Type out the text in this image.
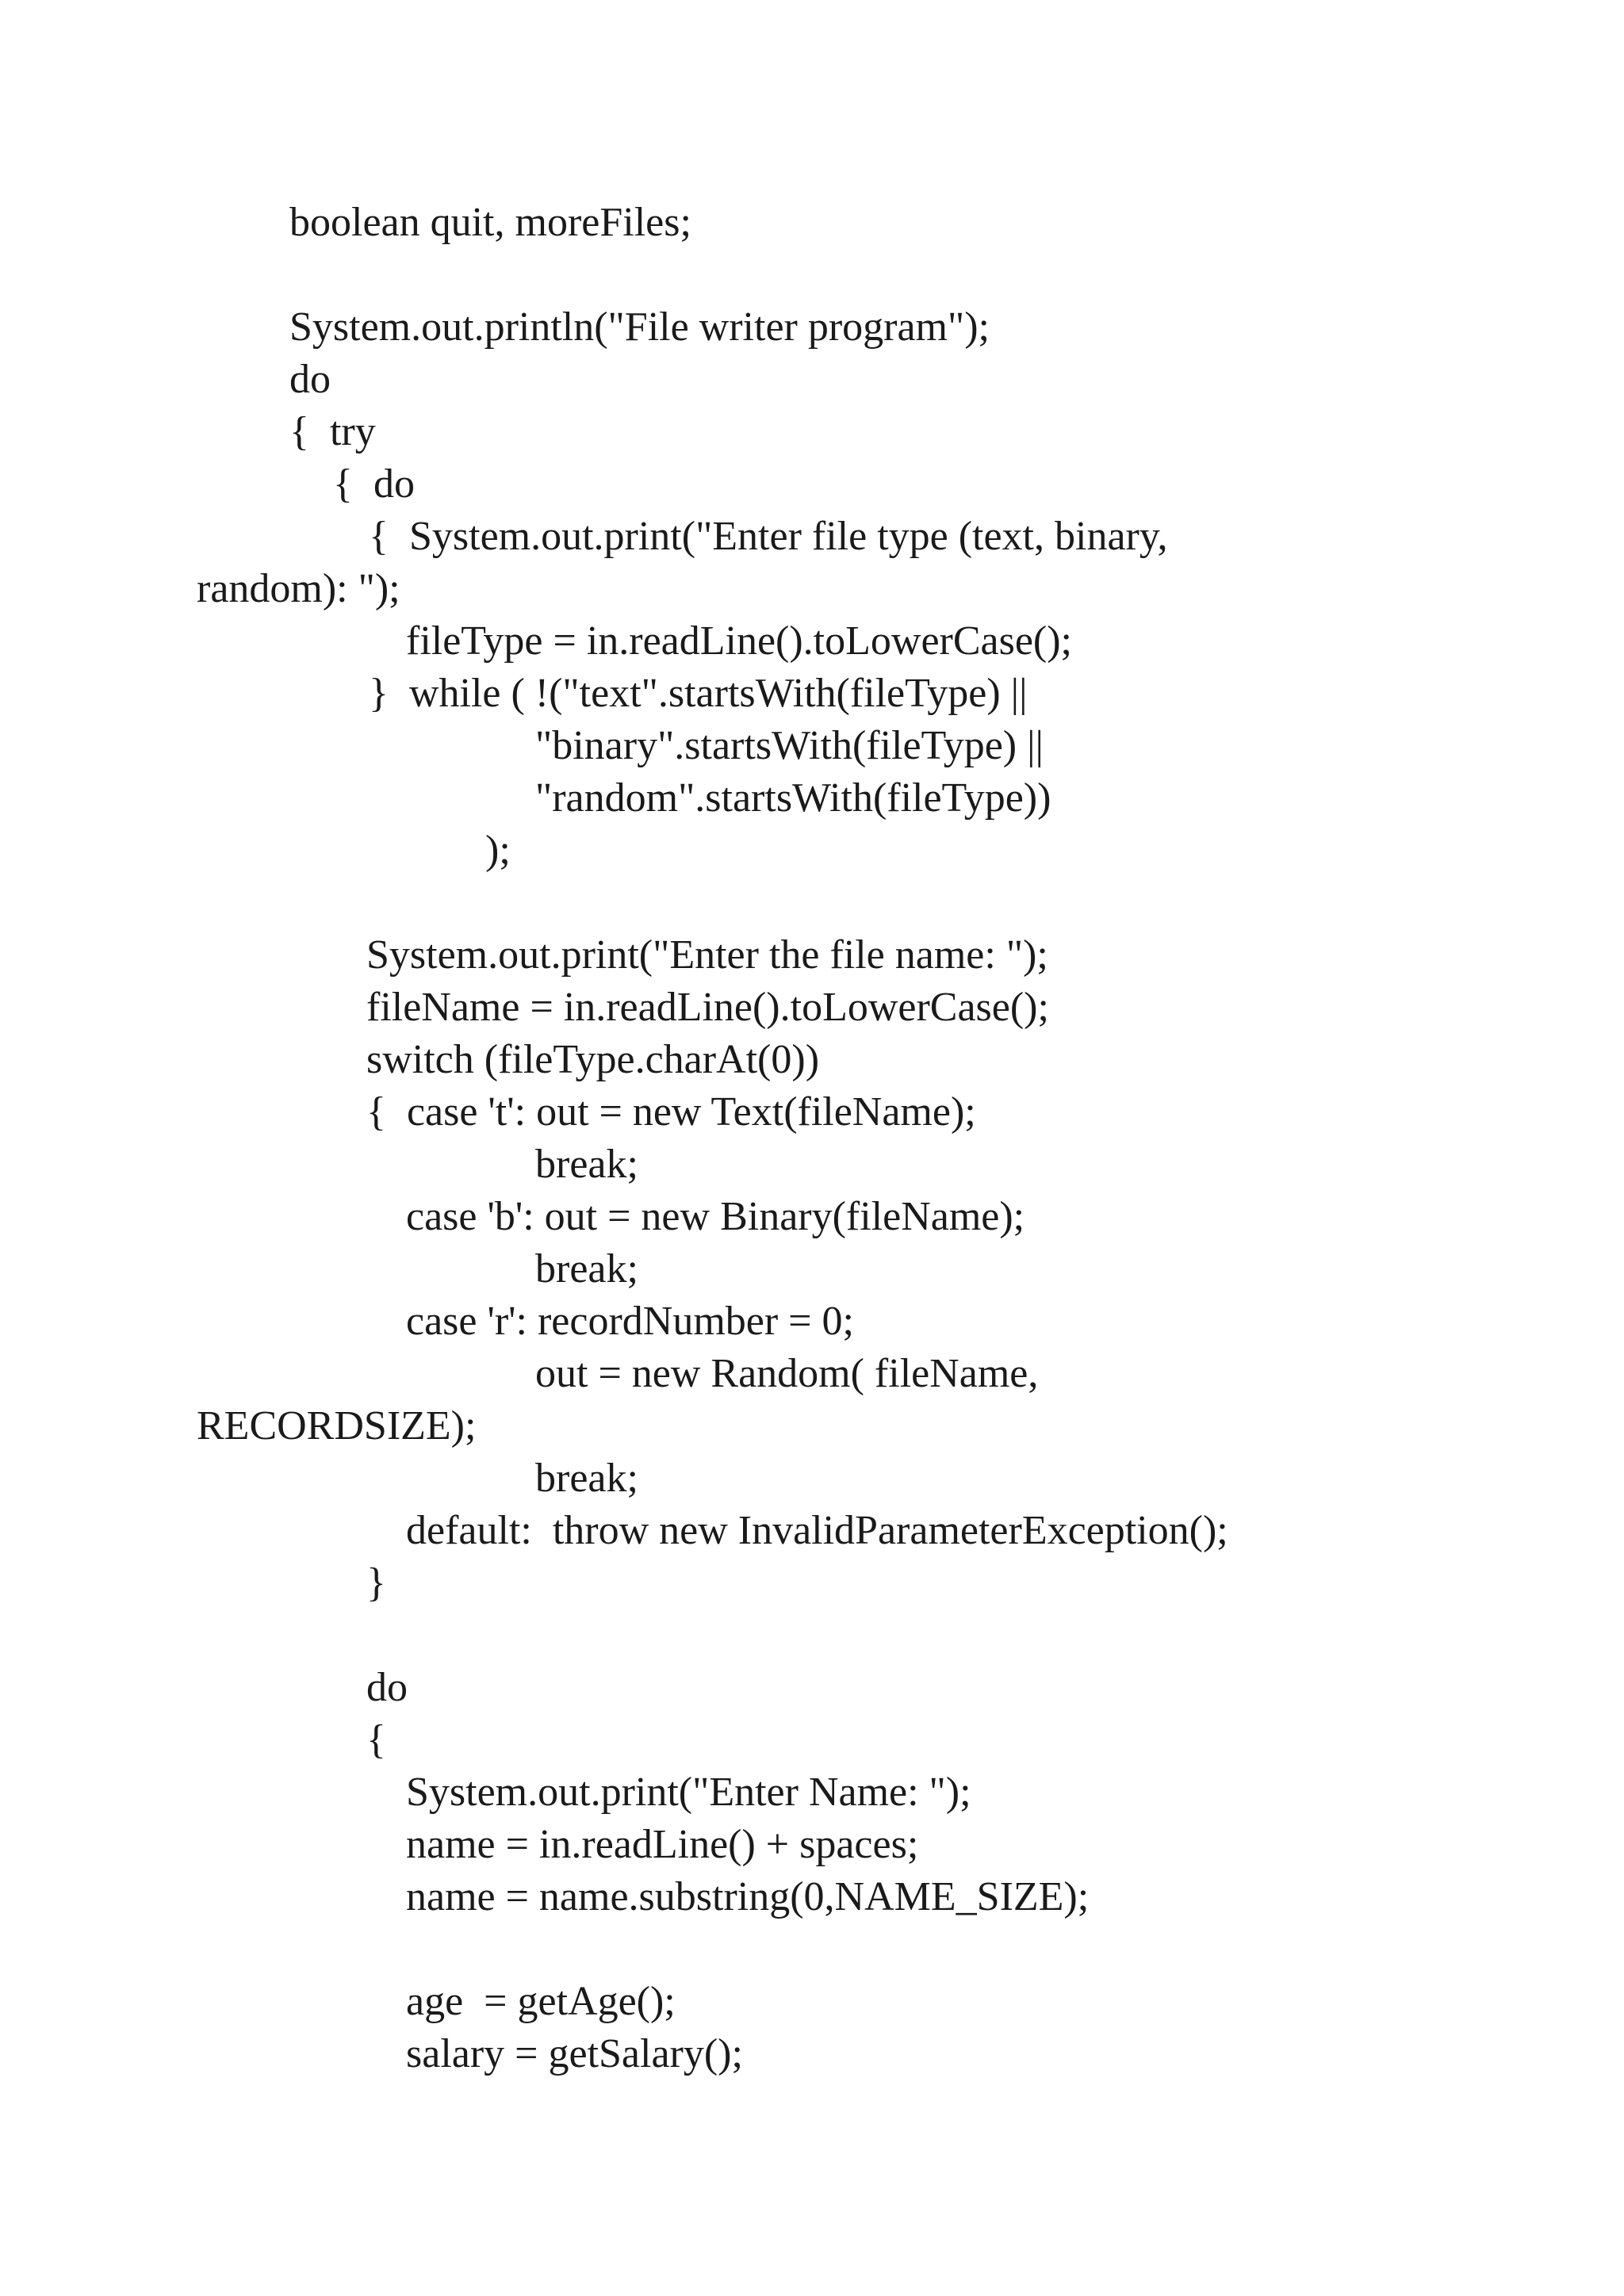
boolean quit, moreFiles;
System.out.println("File writer program");
do
{  try
{  do
{  System.out.print("Enter file type (text, binary,
random): ");
fileType = in.readLine().toLowerCase();
}  while ( !("text".startsWith(fileType) ||
"binary".startsWith(fileType) ||
"random".startsWith(fileType))
);
System.out.print("Enter the file name: ");
fileName = in.readLine().toLowerCase();
switch (fileType.charAt(0))
{  case 't': out = new Text(fileName);
break;
case 'b': out = new Binary(fileName);
break;
case 'r': recordNumber = 0;
out = new Random( fileName,
RECORDSIZE);
break;
default:  throw new InvalidParameterException();
}
do
{
System.out.print("Enter Name: ");
name = in.readLine() + spaces;
name = name.substring(0,NAME_SIZE);
age  = getAge();
salary = getSalary();
